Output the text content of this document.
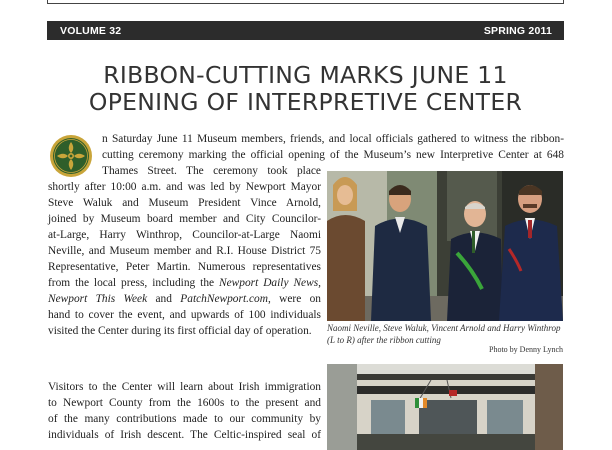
VOLUME 32	SPRING 2011
RIBBON-CUTTING MARKS JUNE 11
OPENING OF INTERPRETIVE CENTER
n Saturday June 11 Museum members, friends, and local officials gathered to witness the ribbon-
cutting ceremony marking the official opening of the Museum’s new Interpretive Center at 648
Thames Street. The ceremony took place
shortly after 10:00 a.m. and was led by Newport Mayor
Steve Waluk and Museum President Vince Arnold,
joined by Museum board member and City Councilor-
at-Large, Harry Winthrop, Councilor-at-Large Naomi
Neville, and Museum member and R.I. House District 75
Representative, Peter Martin. Numerous representatives
from the local press, including the Newport Daily News,
Newport This Week and PatchNewport.com, were on
hand to cover the event, and upwards of 100 individuals
visited the Center during its first official day of operation.
Visitors to the Center will learn about Irish immigration
to Newport County from the 1600s to the present and
of the many contributions made to our community by
individuals of Irish descent. The Celtic-inspired seal of
Naomi Neville, Steve Waluk, Vincent Arnold and Harry Winthrop (L to R) after the ribbon cutting
Photo by Denny Lynch
